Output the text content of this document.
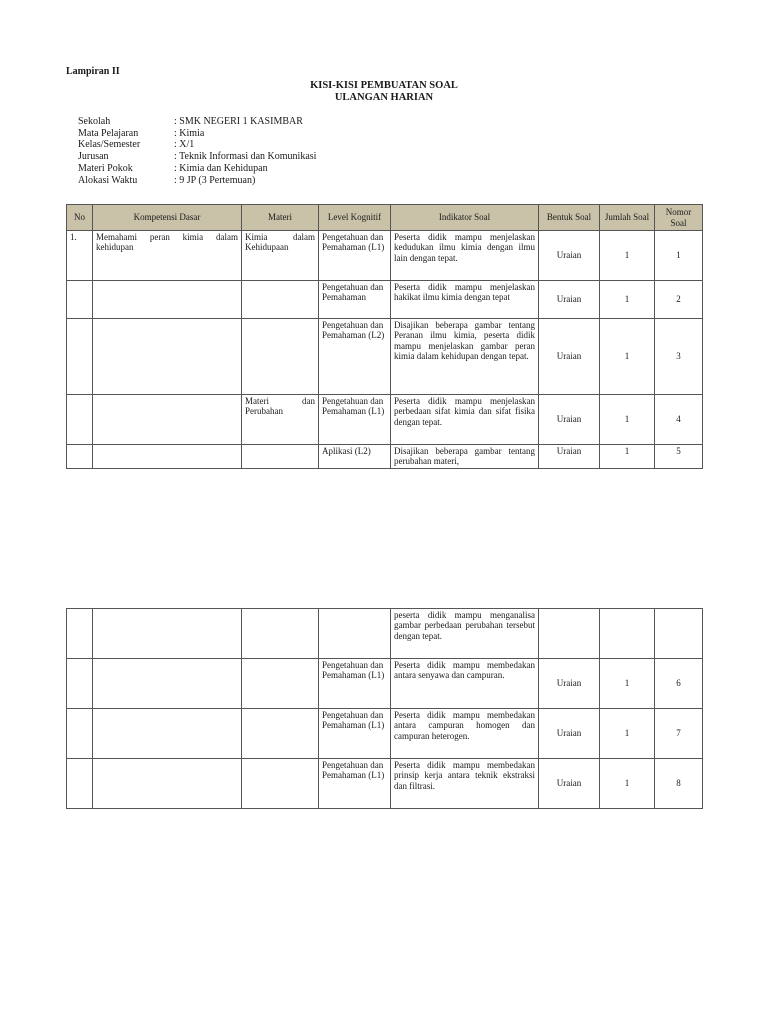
Lampiran II
KISI-KISI PEMBUATAN SOAL
ULANGAN HARIAN
Sekolah	: SMK NEGERI 1 KASIMBAR
Mata Pelajaran	: Kimia
Kelas/Semester	: X/1
Jurusan	: Teknik Informasi dan Komunikasi
Materi Pokok	: Kimia dan Kehidupan
Alokasi Waktu	: 9 JP (3 Pertemuan)
No	Kompetensi Dasar	Materi	Level Kognitif	Indikator Soal	Bentuk Soal	Jumlah Soal	Nomor Soal
1.	Memahami peran kimia dalam kehidupan	Kimia dalam Kehidupaan	Pengetahuan dan Pemahaman (L1)	Peserta didik mampu menjelaskan kedudukan ilmu kimia dengan ilmu lain dengan tepat.	Uraian	1	1
			Pengetahuan dan Pemahaman	Peserta didik mampu menjelaskan hakikat ilmu kimia dengan tepat	Uraian	1	2
			Pengetahuan dan Pemahaman (L2)	Disajikan beberapa gambar tentang Peranan ilmu kimia, peserta didik mampu menjelaskan gambar peran kimia dalam kehidupan dengan tepat.	Uraian	1	3
		Materi dan Perubahan	Pengetahuan dan Pemahaman (L1)	Peserta didik mampu menjelaskan perbedaan sifat kimia dan sifat fisika dengan tepat.	Uraian	1	4
			Aplikasi (L2)	Disajikan beberapa gambar tentang perubahan materi,	Uraian	1	5
				peserta didik mampu menganalisa gambar perbedaan perubahan tersebut dengan tepat.			
			Pengetahuan dan Pemahaman (L1)	Peserta didik mampu membedakan antara senyawa dan campuran.	Uraian	1	6
			Pengetahuan dan Pemahaman (L1)	Peserta didik mampu membedakan antara campuran homogen dan campuran heterogen.	Uraian	1	7
			Pengetahuan dan Pemahaman (L1)	Peserta didik mampu membedakan prinsip kerja antara teknik ekstraksi dan filtrasi.	Uraian	1	8
